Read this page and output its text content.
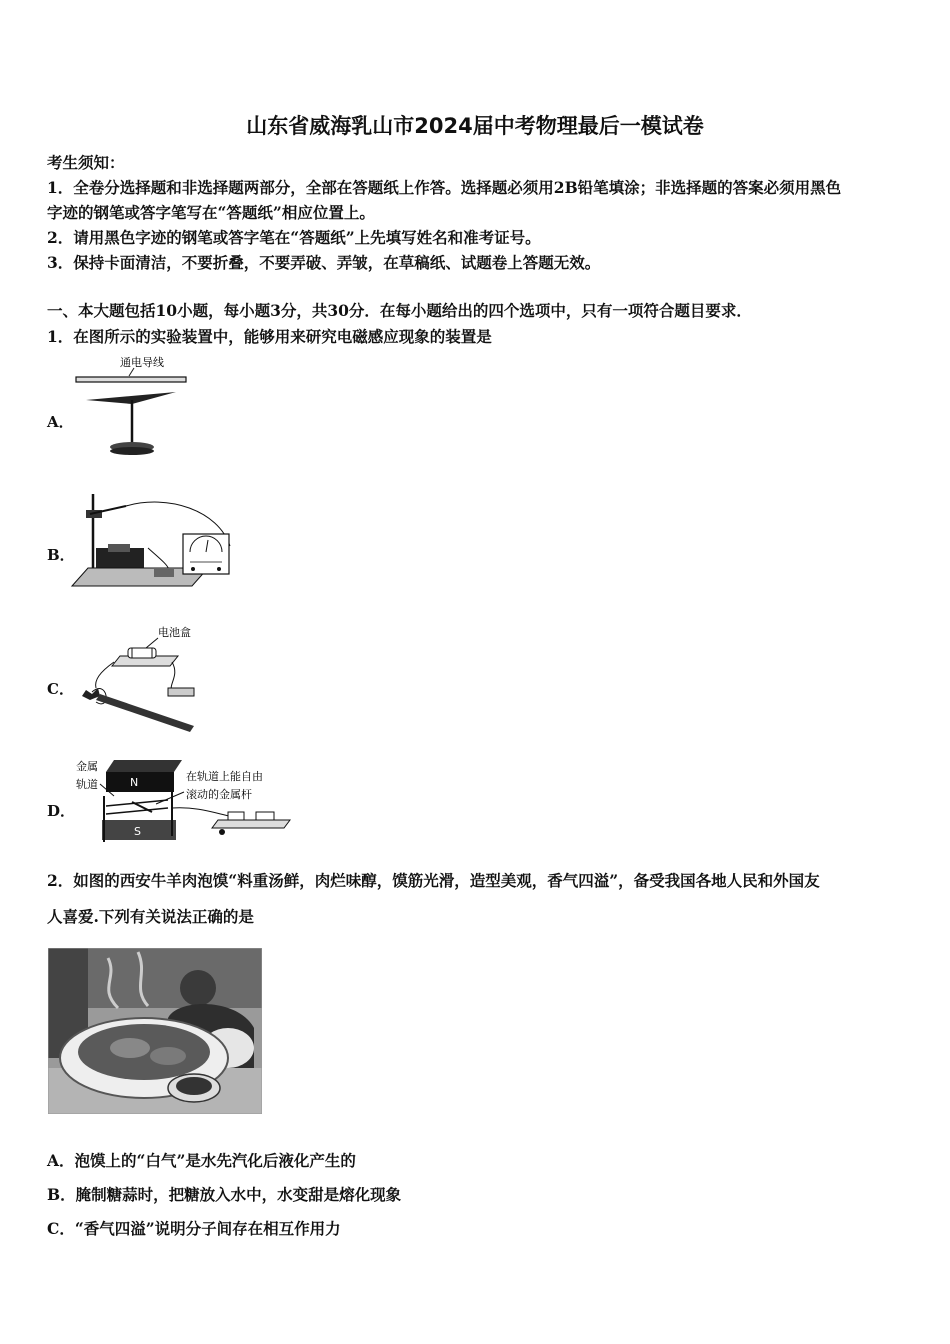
山东省威海乳山市2024届中考物理最后一模试卷
考生须知：
1．全卷分选择题和非选择题两部分，全部在答题纸上作答。选择题必须用2B铅笔填涂；非选择题的答案必须用黑色
字迹的钢笔或答字笔写在“答题纸”相应位置上。
2．请用黑色字迹的钢笔或答字笔在“答题纸”上先填写姓名和准考证号。
3．保持卡面清洁，不要折叠，不要弄破、弄皱，在草稿纸、试题卷上答题无效。
一、本大题包括10小题，每小题3分，共30分．在每小题给出的四个选项中，只有一项符合题目要求．
1．在图所示的实验装置中，能够用来研究电磁感应现象的装置是
A．
通电导线
B．
C．
电池盒
D．
金属
轨道	N
S
在轨道上能自由
滚动的金属杆
2．如图的西安牛羊肉泡馍“料重汤鲜，肉烂味醇，馍筋光滑，造型美观，香气四溢”，备受我国各地人民和外国友
人喜爱.下列有关说法正确的是
A．泡馍上的“白气”是水先汽化后液化产生的
B．腌制糖蒜时，把糖放入水中，水变甜是熔化现象
C．“香气四溢”说明分子间存在相互作用力
